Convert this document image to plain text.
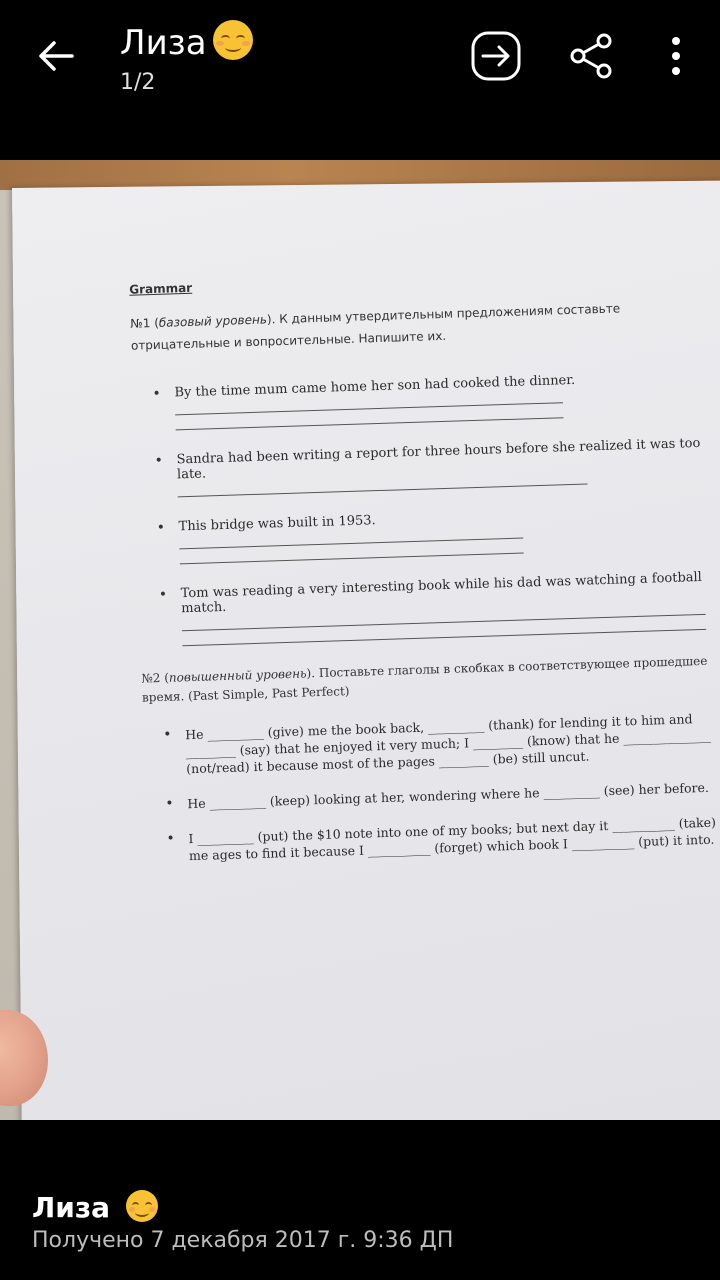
Лиза
1/2
Grammar
№1 (базовый уровень). К данным утвердительным предложениям составьте отрицательные и вопросительные. Напишите их.
• By the time mum came home her son had cooked the dinner.
• Sandra had been writing a report for three hours before she realized it was too late.
• This bridge was built in 1953.
• Tom was reading a very interesting book while his dad was watching a football match.
№2 (повышенный уровень). Поставьте глаголы в скобках в соответствующее прошедшее время. (Past Simple, Past Perfect)
• He _________ (give) me the book back, _________ (thank) for lending it to him and ________ (say) that he enjoyed it very much; I ________ (know) that he ______________ (not/read) it because most of the pages ________ (be) still uncut.
• He _________ (keep) looking at her, wondering where he _________ (see) her before.
• I _________ (put) the $10 note into one of my books; but next day it __________ (take) me ages to find it because I __________ (forget) which book I __________ (put) it into.
Лиза
Получено 7 декабря 2017 г. 9:36 ДП
